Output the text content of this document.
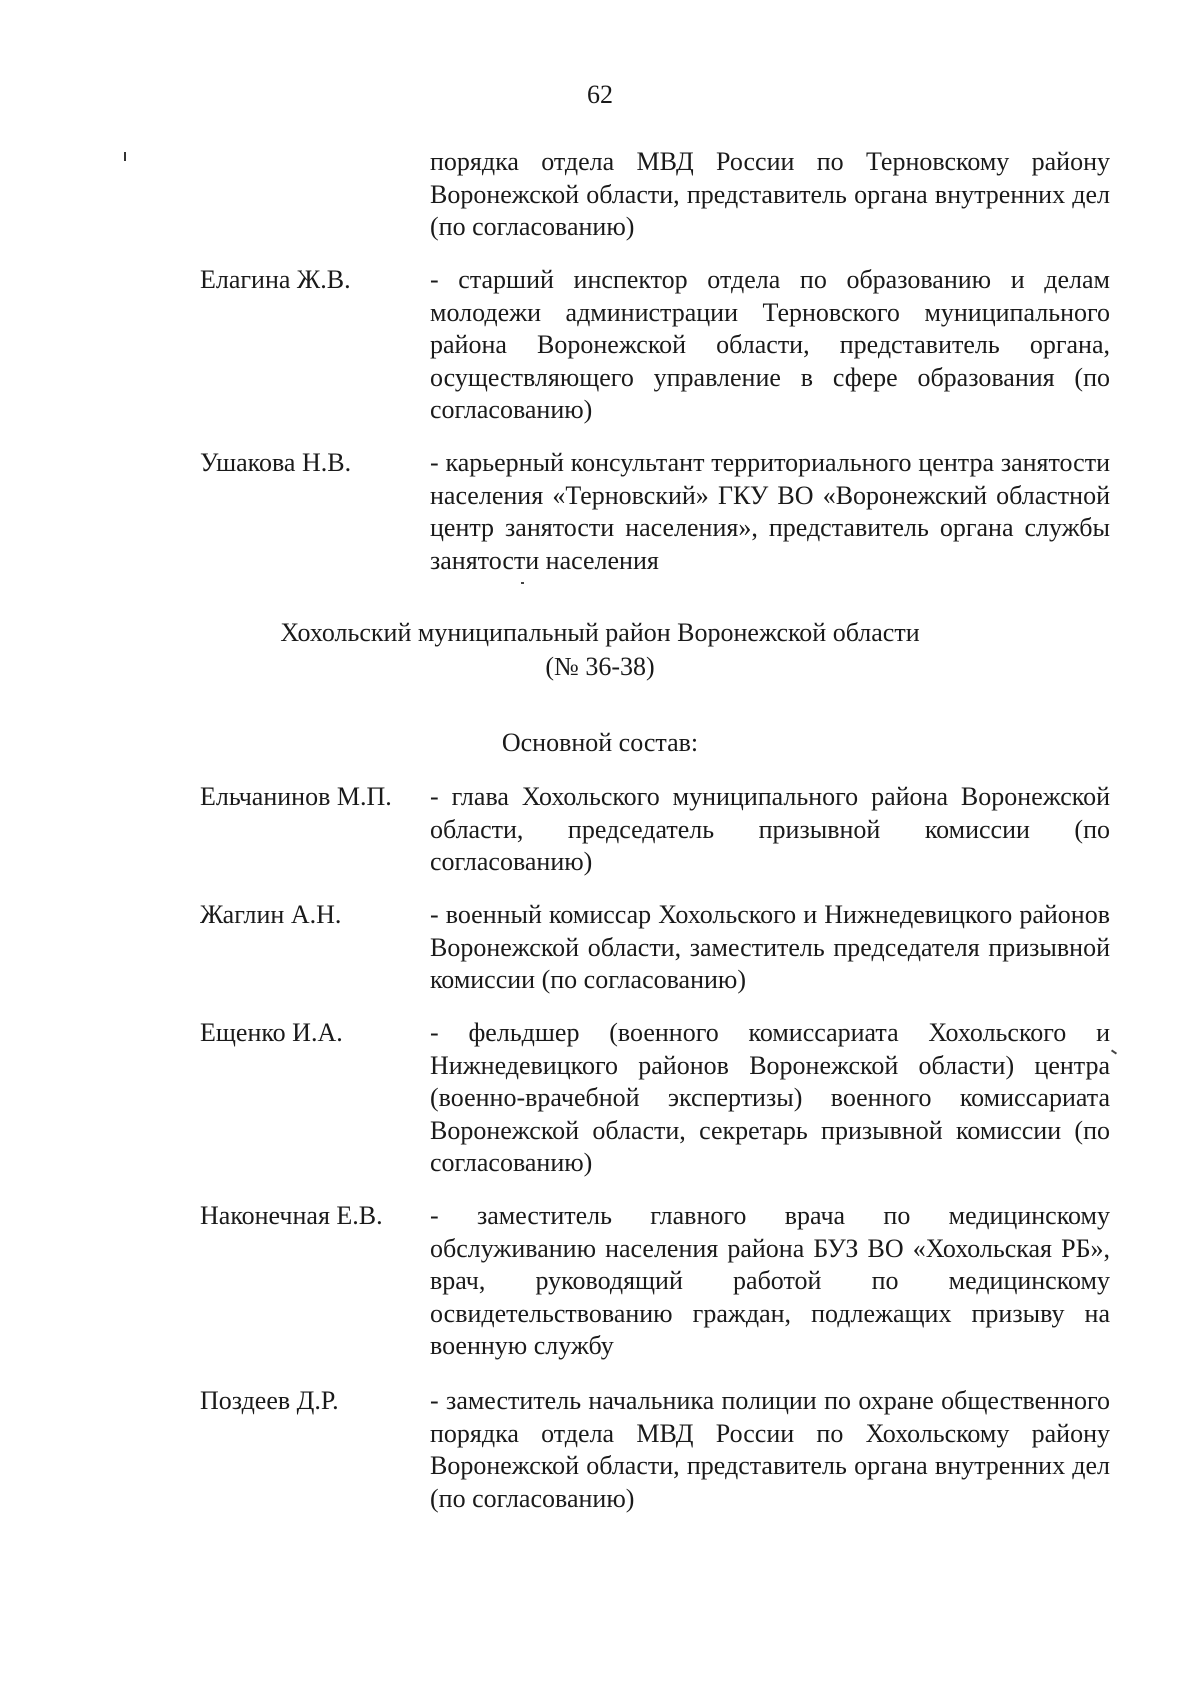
62
порядка отдела МВД России по Терновскому району Воронежской области, представитель органа внутренних дел (по согласованию)
Елагина Ж.В.	- старший инспектор отдела по образованию и делам молодежи администрации Терновского муниципального района Воронежской области, представитель органа, осуществляющего управление в сфере образования (по согласованию)
Ушакова Н.В.	- карьерный консультант территориального центра занятости населения «Терновский» ГКУ ВО «Воронежский областной центр занятости населения», представитель органа службы занятости населения
Хохольский муниципальный район Воронежской области
(№ 36-38)
Основной состав:
Ельчанинов М.П. - глава Хохольского муниципального района Воронежской области, председатель призывной комиссии (по согласованию)
Жаглин А.Н.	- военный комиссар Хохольского и Нижнедевицкого районов Воронежской области, заместитель председателя призывной комиссии (по согласованию)
Ещенко И.А.	- фельдшер (военного комиссариата Хохольского и Нижнедевицкого районов Воронежской области) центра (военно-врачебной экспертизы) военного комиссариата Воронежской области, секретарь призывной комиссии (по согласованию)
Наконечная Е.В. - заместитель главного врача по медицинскому обслуживанию населения района БУЗ ВО «Хохольская РБ», врач, руководящий работой по медицинскому освидетельствованию граждан, подлежащих призыву на военную службу
Поздеев Д.Р.	- заместитель начальника полиции по охране общественного порядка отдела МВД России по Хохольскому району Воронежской области, представитель органа внутренних дел (по согласованию)
